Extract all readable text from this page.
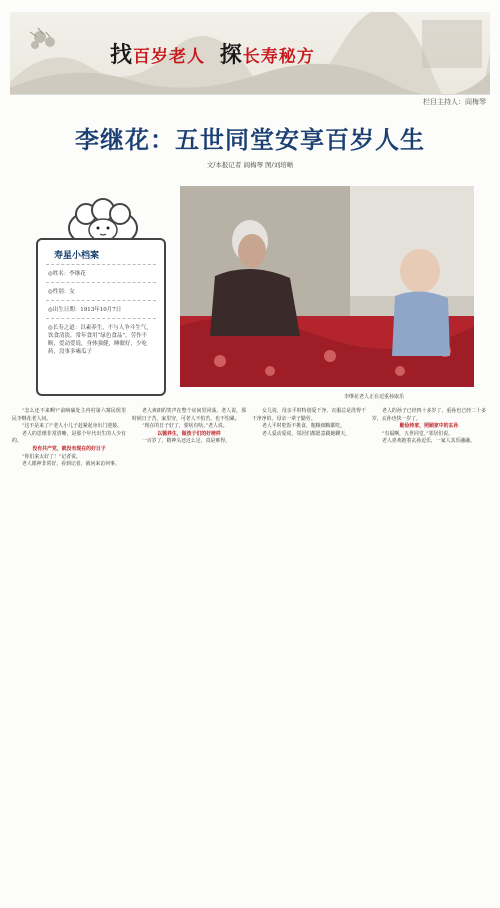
找百岁老人 探长寿秘方
栏目主持人：阎梅琴
李继花：五世同堂安享百岁人生
文/本报记者 阎梅琴 图/刘培晰
寿星小档案
◎姓名：李继花
◎性别：女
◎出生日期：1913年10月7日
◎长寿之道：以素养生，不与人争斗生气，饮食清淡，常年食用“绿色食品”，劳作不断，爱动爱说，身体强健，睡眠好，少吃药，没事多嗑瓜子
李继花老人正在逗重孙取乐

“怎么还不来啊?”前晌磕处主内村第六寨民组里民李继花老人问。

“这不是来了!”老人小儿子赶紧起身出门迎接。

老人的思维非常清晰，是那个年代出生的人少有的。

没有共产党，就没有现在的好日子

“你们来太好了！”记者说。

老人眼神非常好，看到记者，就问来访何事。

老人爽朗的笑声在整个房间里回荡。老人说，那时候日子苦，家里穷，可老人不怕苦，也不怕累。

“现在的日子好了，要啥有啥。”老人说。

以德养生，做孩子们的好榜样

一百岁了，精神头还这么足，真是难得。

女儿说，母亲平时特别爱干净，衣服总是洗得干干净净的。母亲一辈子勤劳。

老人平时吃饭不挑食，粗粮细粮都吃。

老人爱动爱说，邻居们都愿意跟她聊天。

老人的孙子已经四十多岁了，重孙也已经二十多岁，玄孙也快一岁了。

勤俭持家，照顾家中的玄孙

“有福啊，五世同堂。”邻居们说。

老人喜欢抱着玄孙逗乐，一家人其乐融融。
